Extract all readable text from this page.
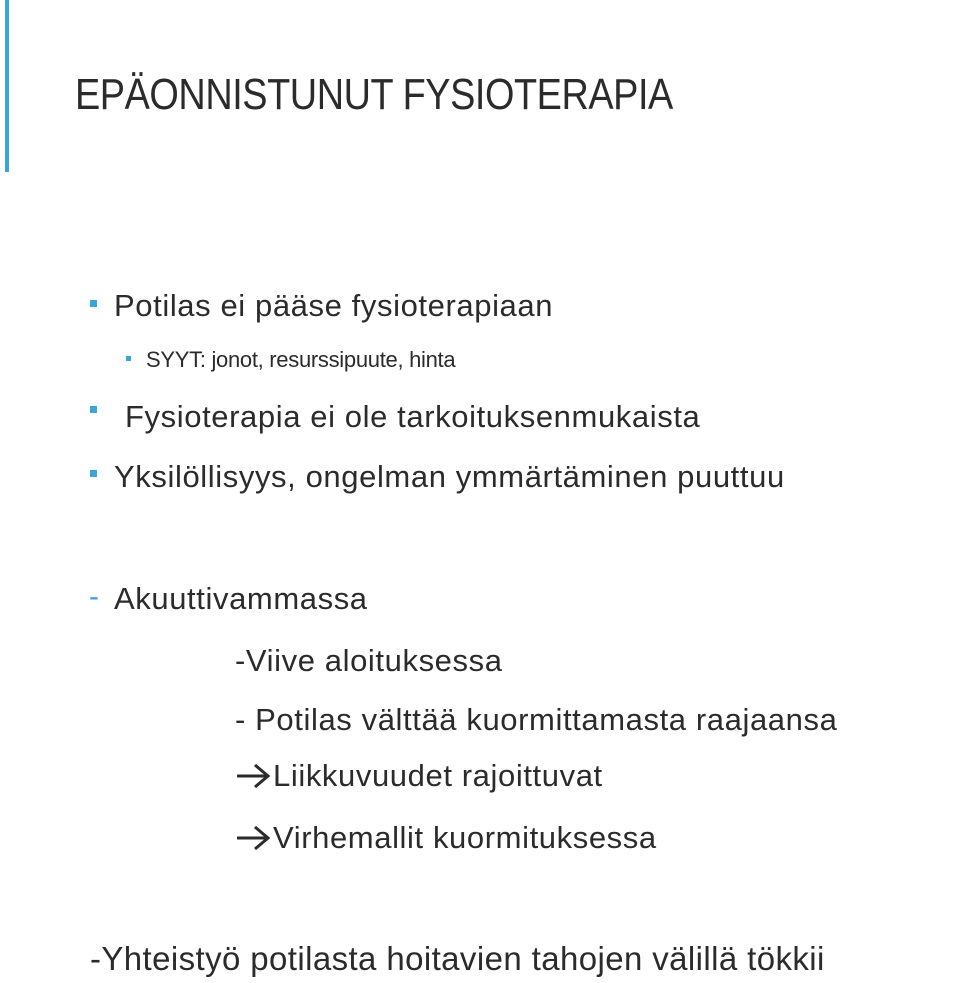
EPÄONNISTUNUT FYSIOTERAPIA
Potilas ei pääse fysioterapiaan
SYYT: jonot, resurssipuute, hinta
Fysioterapia ei ole tarkoituksenmukaista
Yksilöllisyys, ongelman ymmärtäminen puuttuu
- Akuuttivammassa
-Viive aloituksessa
- Potilas välttää kuormittamasta raajaansa
Liikkuvuudet rajoittuvat
Virhemallit kuormituksessa
-Yhteistyö potilasta hoitavien tahojen välillä tökkii
